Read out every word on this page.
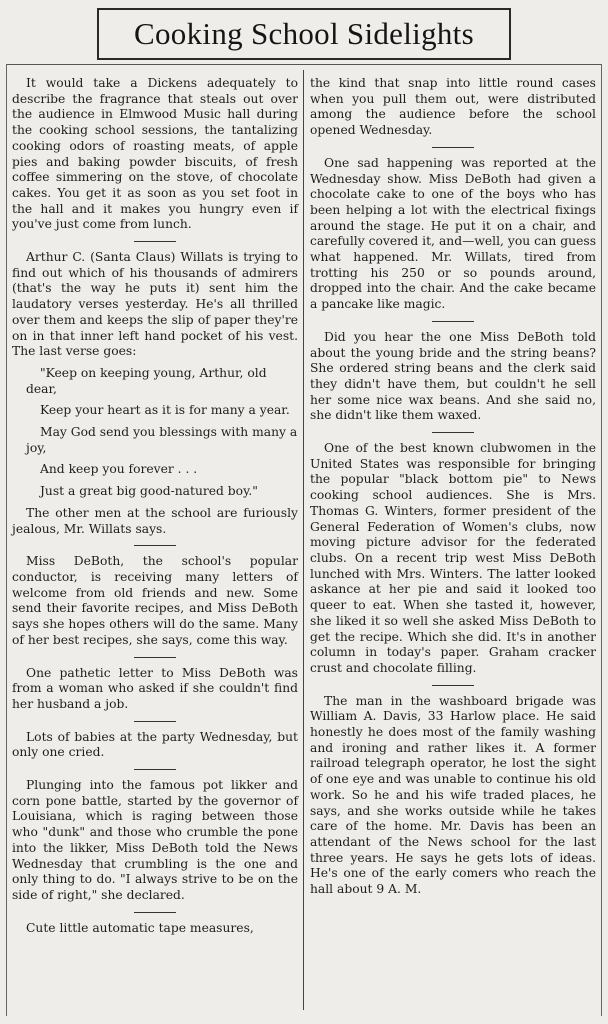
Cooking School Sidelights

It would take a Dickens adequately to describe the fragrance that steals out over the audience in Elmwood Music hall during the cooking school sessions, the tantalizing cooking odors of roasting meats, of apple pies and baking powder biscuits, of fresh coffee simmering on the stove, of chocolate cakes. You get it as soon as you set foot in the hall and it makes you hungry even if you've just come from lunch.

Arthur C. (Santa Claus) Willats is trying to find out which of his thousands of admirers (that's the way he puts it) sent him the laudatory verses yesterday. He's all thrilled over them and keeps the slip of paper they're on in that inner left hand pocket of his vest. The last verse goes:

"Keep on keeping young, Arthur, old dear,

Keep your heart as it is for many a year.

May God send you blessings with many a joy,

And keep you forever . . .

Just a great big good-natured boy."

The other men at the school are furiously jealous, Mr. Willats says.

Miss DeBoth, the school's popular conductor, is receiving many letters of welcome from old friends and new. Some send their favorite recipes, and Miss DeBoth says she hopes others will do the same. Many of her best recipes, she says, come this way.

One pathetic letter to Miss DeBoth was from a woman who asked if she couldn't find her husband a job.

Lots of babies at the party Wednesday, but only one cried.

Plunging into the famous pot likker and corn pone battle, started by the governor of Louisiana, which is raging between those who "dunk" and those who crumble the pone into the likker, Miss DeBoth told the News Wednesday that crumbling is the one and only thing to do. "I always strive to be on the side of right," she declared.

Cute little automatic tape measures,

the kind that snap into little round cases when you pull them out, were distributed among the audience before the school opened Wednesday.

One sad happening was reported at the Wednesday show. Miss DeBoth had given a chocolate cake to one of the boys who has been helping a lot with the electrical fixings around the stage. He put it on a chair, and carefully covered it, and—well, you can guess what happened. Mr. Willats, tired from trotting his 250 or so pounds around, dropped into the chair. And the cake became a pancake like magic.

Did you hear the one Miss DeBoth told about the young bride and the string beans? She ordered string beans and the clerk said they didn't have them, but couldn't he sell her some nice wax beans. And she said no, she didn't like them waxed.

One of the best known clubwomen in the United States was responsible for bringing the popular "black bottom pie" to News cooking school audiences. She is Mrs. Thomas G. Winters, former president of the General Federation of Women's clubs, now moving picture advisor for the federated clubs. On a recent trip west Miss DeBoth lunched with Mrs. Winters. The latter looked askance at her pie and said it looked too queer to eat. When she tasted it, however, she liked it so well she asked Miss DeBoth to get the recipe. Which she did. It's in another column in today's paper. Graham cracker crust and chocolate filling.

The man in the washboard brigade was William A. Davis, 33 Harlow place. He said honestly he does most of the family washing and ironing and rather likes it. A former railroad telegraph operator, he lost the sight of one eye and was unable to continue his old work. So he and his wife traded places, he says, and she works outside while he takes care of the home. Mr. Davis has been an attendant of the News school for the last three years. He says he gets lots of ideas. He's one of the early comers who reach the hall about 9 A. M.
